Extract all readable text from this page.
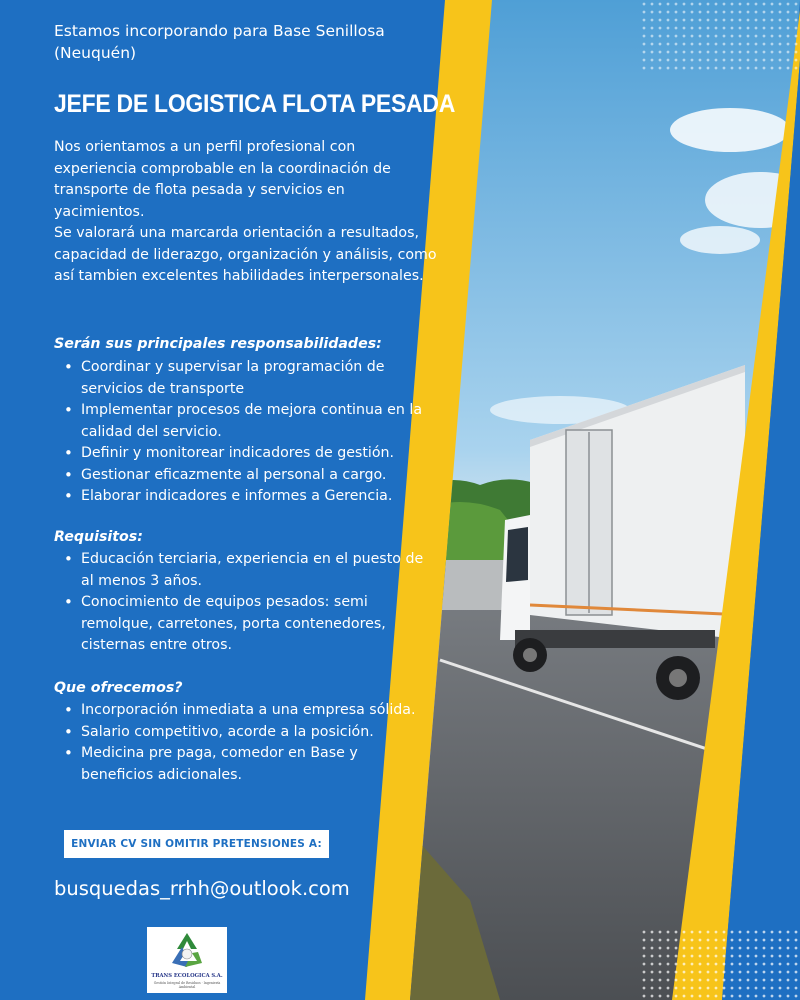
Estamos incorporando para Base Senillosa
(Neuquén)
JEFE DE LOGISTICA FLOTA PESADA

Nos orientamos a un perfil profesional con experiencia comprobable en la coordinación de transporte de flota pesada y servicios en yacimientos.

Se valorará una marcarda orientación a resultados, capacidad de liderazgo, organización y análisis, como así tambien excelentes habilidades interpersonales.

Serán sus principales responsabilidades:
• Coordinar y supervisar la programación de servicios de transporte
• Implementar procesos de mejora continua en la calidad del servicio.
• Definir y monitorear indicadores de gestión.
• Gestionar eficazmente al personal a cargo.
• Elaborar indicadores e informes a Gerencia.
Requisitos:
• Educación terciaria, experiencia en el puesto de al menos 3 años.
• Conocimiento de equipos pesados: semi remolque, carretones, porta contenedores, cisternas entre otros.
Que ofrecemos?
• Incorporación inmediata a una empresa sólida.
• Salario competitivo, acorde a la posición.
• Medicina pre paga, comedor en Base y beneficios adicionales.
ENVIAR CV SIN OMITIR PRETENSIONES A:
busquedas_rrhh@outlook.com
TRANS ECOLOGICA S.A.
Gestión Integral de Residuos · Ingeniería Ambiental
